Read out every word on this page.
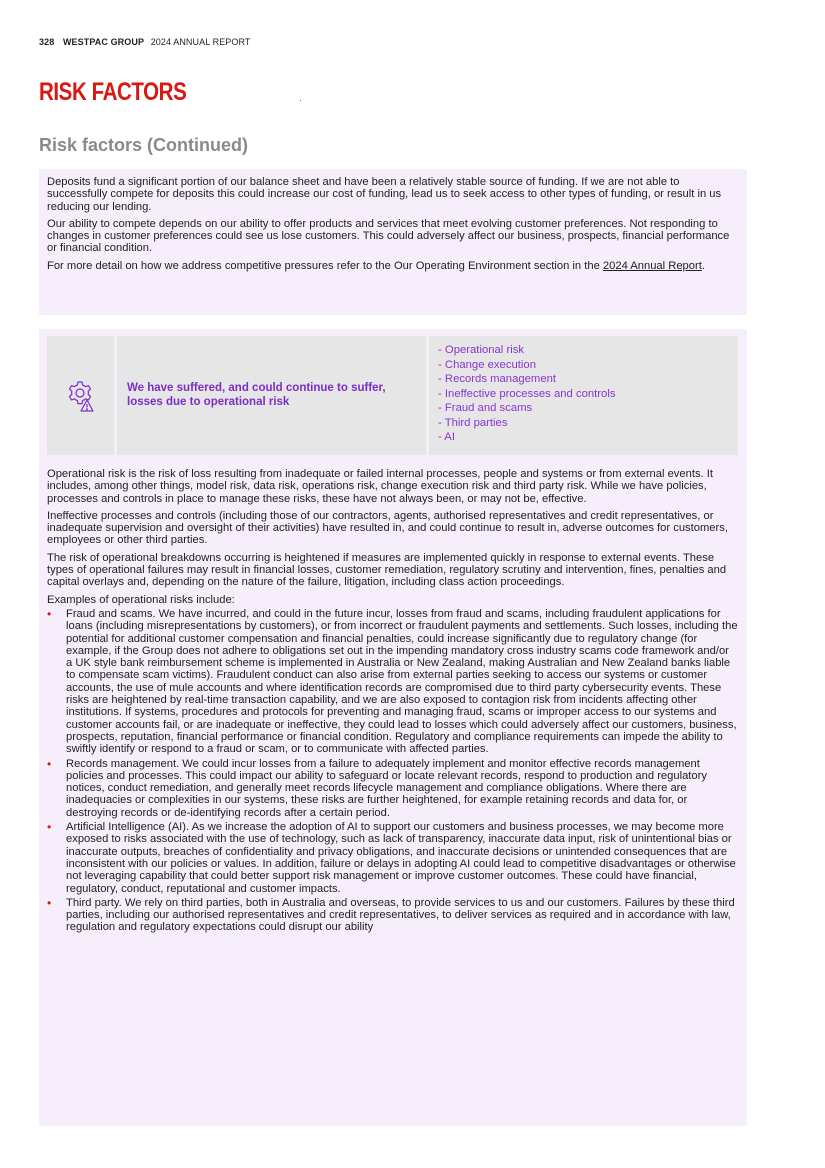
328 WESTPAC GROUP 2024 ANNUAL REPORT
RISK FACTORS
Risk factors (Continued)

Deposits fund a significant portion of our balance sheet and have been a relatively stable source of funding. If we are not able to successfully compete for deposits this could increase our cost of funding, lead us to seek access to other types of funding, or result in us reducing our lending.

Our ability to compete depends on our ability to offer products and services that meet evolving customer preferences. Not responding to changes in customer preferences could see us lose customers. This could adversely affect our business, prospects, financial performance or financial condition.

For more detail on how we address competitive pressures refer to the Our Operating Environment section in the 2024 Annual Report.

We have suffered, and could continue to suffer, losses due to operational risk
- Operational risk
- Change execution
- Records management
- Ineffective processes and controls
- Fraud and scams
- Third parties
- AI

Operational risk is the risk of loss resulting from inadequate or failed internal processes, people and systems or from external events. It includes, among other things, model risk, data risk, operations risk, change execution risk and third party risk. While we have policies, processes and controls in place to manage these risks, these have not always been, or may not be, effective.

Ineffective processes and controls (including those of our contractors, agents, authorised representatives and credit representatives, or inadequate supervision and oversight of their activities) have resulted in, and could continue to result in, adverse outcomes for customers, employees or other third parties.

The risk of operational breakdowns occurring is heightened if measures are implemented quickly in response to external events. These types of operational failures may result in financial losses, customer remediation, regulatory scrutiny and intervention, fines, penalties and capital overlays and, depending on the nature of the failure, litigation, including class action proceedings.

Examples of operational risks include:

• Fraud and scams. We have incurred, and could in the future incur, losses from fraud and scams, including fraudulent applications for loans (including misrepresentations by customers), or from incorrect or fraudulent payments and settlements. Such losses, including the potential for additional customer compensation and financial penalties, could increase significantly due to regulatory change (for example, if the Group does not adhere to obligations set out in the impending mandatory cross industry scams code framework and/or a UK style bank reimbursement scheme is implemented in Australia or New Zealand, making Australian and New Zealand banks liable to compensate scam victims). Fraudulent conduct can also arise from external parties seeking to access our systems or customer accounts, the use of mule accounts and where identification records are compromised due to third party cybersecurity events. These risks are heightened by real-time transaction capability, and we are also exposed to contagion risk from incidents affecting other institutions. If systems, procedures and protocols for preventing and managing fraud, scams or improper access to our systems and customer accounts fail, or are inadequate or ineffective, they could lead to losses which could adversely affect our customers, business, prospects, reputation, financial performance or financial condition. Regulatory and compliance requirements can impede the ability to swiftly identify or respond to a fraud or scam, or to communicate with affected parties.
• Records management. We could incur losses from a failure to adequately implement and monitor effective records management policies and processes. This could impact our ability to safeguard or locate relevant records, respond to production and regulatory notices, conduct remediation, and generally meet records lifecycle management and compliance obligations. Where there are inadequacies or complexities in our systems, these risks are further heightened, for example retaining records and data for, or destroying records or de-identifying records after a certain period.
• Artificial Intelligence (AI). As we increase the adoption of AI to support our customers and business processes, we may become more exposed to risks associated with the use of technology, such as lack of transparency, inaccurate data input, risk of unintentional bias or inaccurate outputs, breaches of confidentiality and privacy obligations, and inaccurate decisions or unintended consequences that are inconsistent with our policies or values. In addition, failure or delays in adopting AI could lead to competitive disadvantages or otherwise not leveraging capability that could better support risk management or improve customer outcomes. These could have financial, regulatory, conduct, reputational and customer impacts.
• Third party. We rely on third parties, both in Australia and overseas, to provide services to us and our customers. Failures by these third parties, including our authorised representatives and credit representatives, to deliver services as required and in accordance with law, regulation and regulatory expectations could disrupt our ability
